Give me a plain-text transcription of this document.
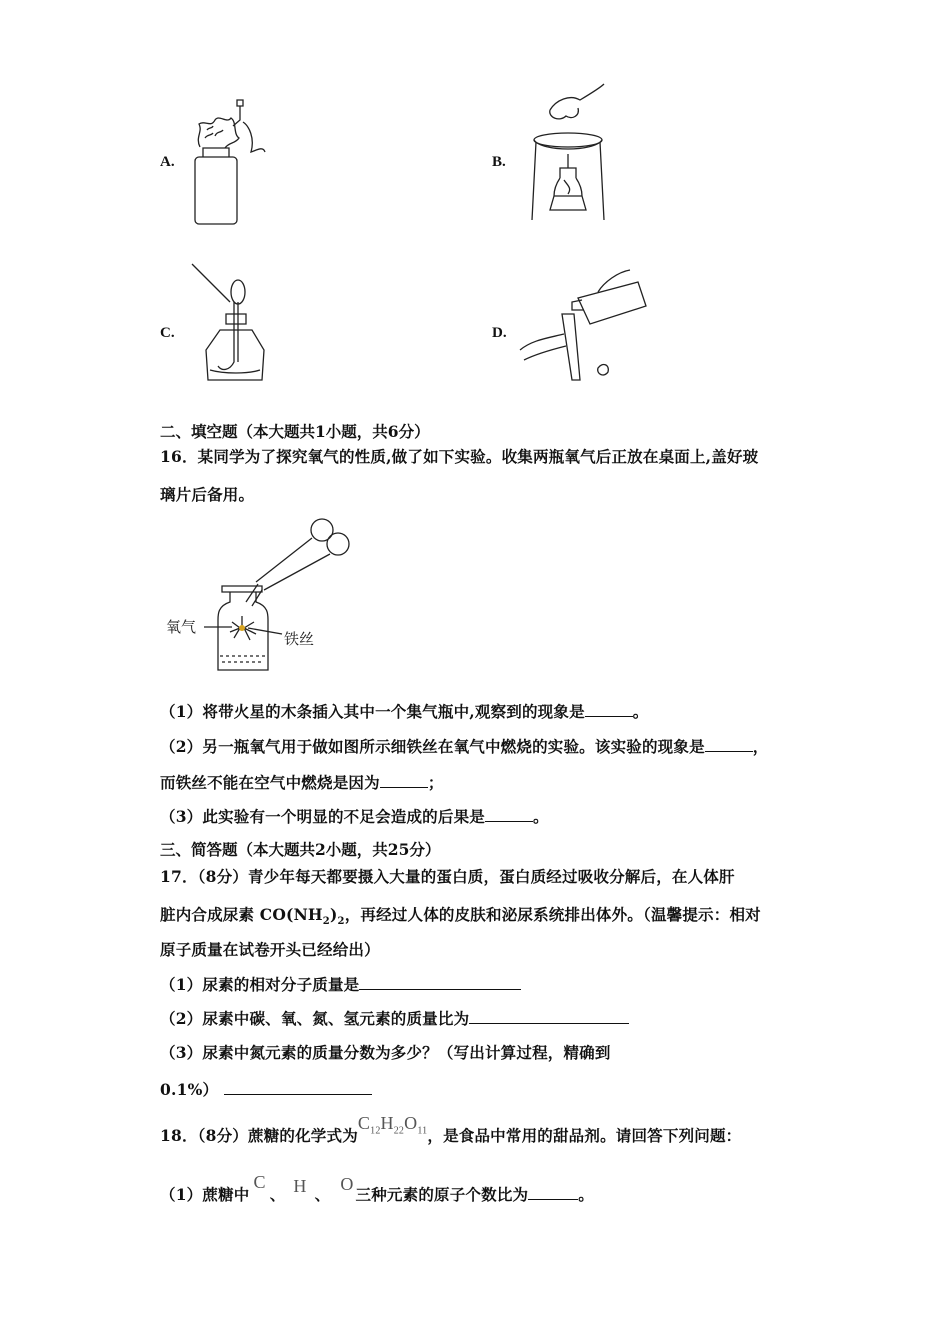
A.	B.
C.	D.
二、填空题（本大题共1小题，共6分）
16．某同学为了探究氧气的性质,做了如下实验。收集两瓶氧气后正放在桌面上,盖好玻
璃片后备用。
氧气
铁丝
（1）将带火星的木条插入其中一个集气瓶中,观察到的现象是	。
（2）另一瓶氧气用于做如图所示细铁丝在氧气中燃烧的实验。该实验的现象是	，
而铁丝不能在空气中燃烧是因为	；
（3）此实验有一个明显的不足会造成的后果是	。
三、简答题（本大题共2小题，共25分）
17．（8分）青少年每天都要摄入大量的蛋白质，蛋白质经过吸收分解后，在人体肝
脏内合成尿素 $CO(NH_2)_2$，再经过人体的皮肤和泌尿系统排出体外。（温馨提示：相对
原子质量在试卷开头已经给出）
（1）尿素的相对分子质量是
（2）尿素中碳、氧、氮、氢元素的质量比为
（3）尿素中氮元素的质量分数为多少？（写出计算过程，精确到
0.1%）
18．（8分）蔗糖的化学式为$C_{12}H_{22}O_{11}$，是食品中常用的甜品剂。请回答下列问题：
（1）蔗糖中C、 H 、O三种元素的原子个数比为	。
